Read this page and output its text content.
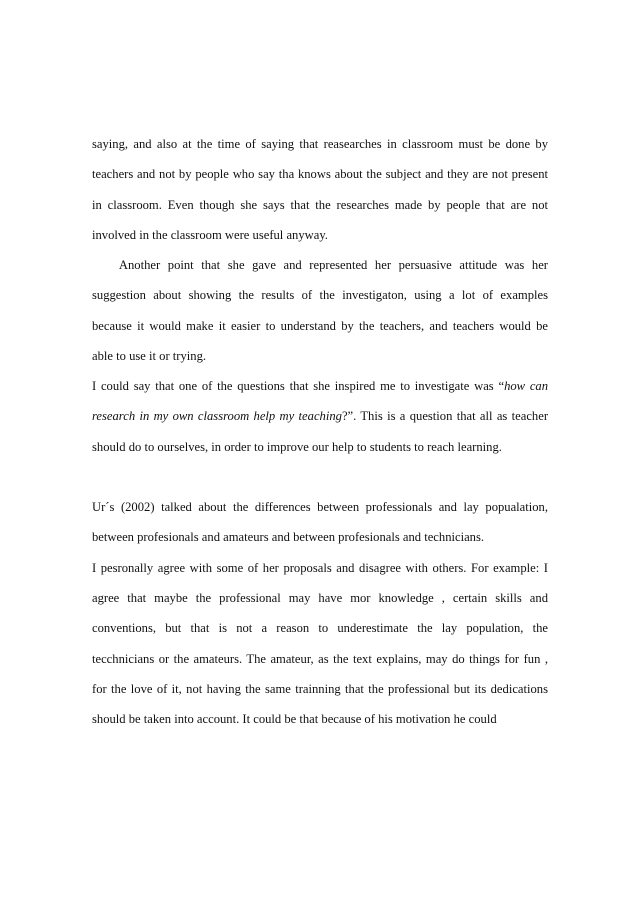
saying, and also at the time of saying that reasearches in classroom must be done by
teachers and not by people who say tha knows about the subject and they are not present
in classroom. Even though she says that the researches made by people that are not
involved in the classroom were useful anyway.
Another point that she gave and represented her persuasive attitude was her
suggestion about showing the results of the investigaton, using a lot of examples
because it would make it easier to understand by the teachers, and teachers would be
able to use it or trying.
I could say that one of the questions that she inspired me to investigate was “how can
research in my own classroom help my teaching?”. This is a question that all as teacher
should do to ourselves, in order to improve our help to students to reach learning.
Ur´s (2002) talked about the differences between professionals and lay popualation,
between profesionals and amateurs and between profesionals and technicians.
I pesronally agree with some of her proposals and disagree with others. For example: I
agree that maybe the professional may have mor knowledge , certain skills and
conventions, but that is not a reason to underestimate the lay population, the
tecchnicians or the amateurs. The amateur, as the text explains, may do things for fun ,
for the love of it, not having the same trainning that the professional but its dedications
should be taken into account. It could be that because of his motivation he could
